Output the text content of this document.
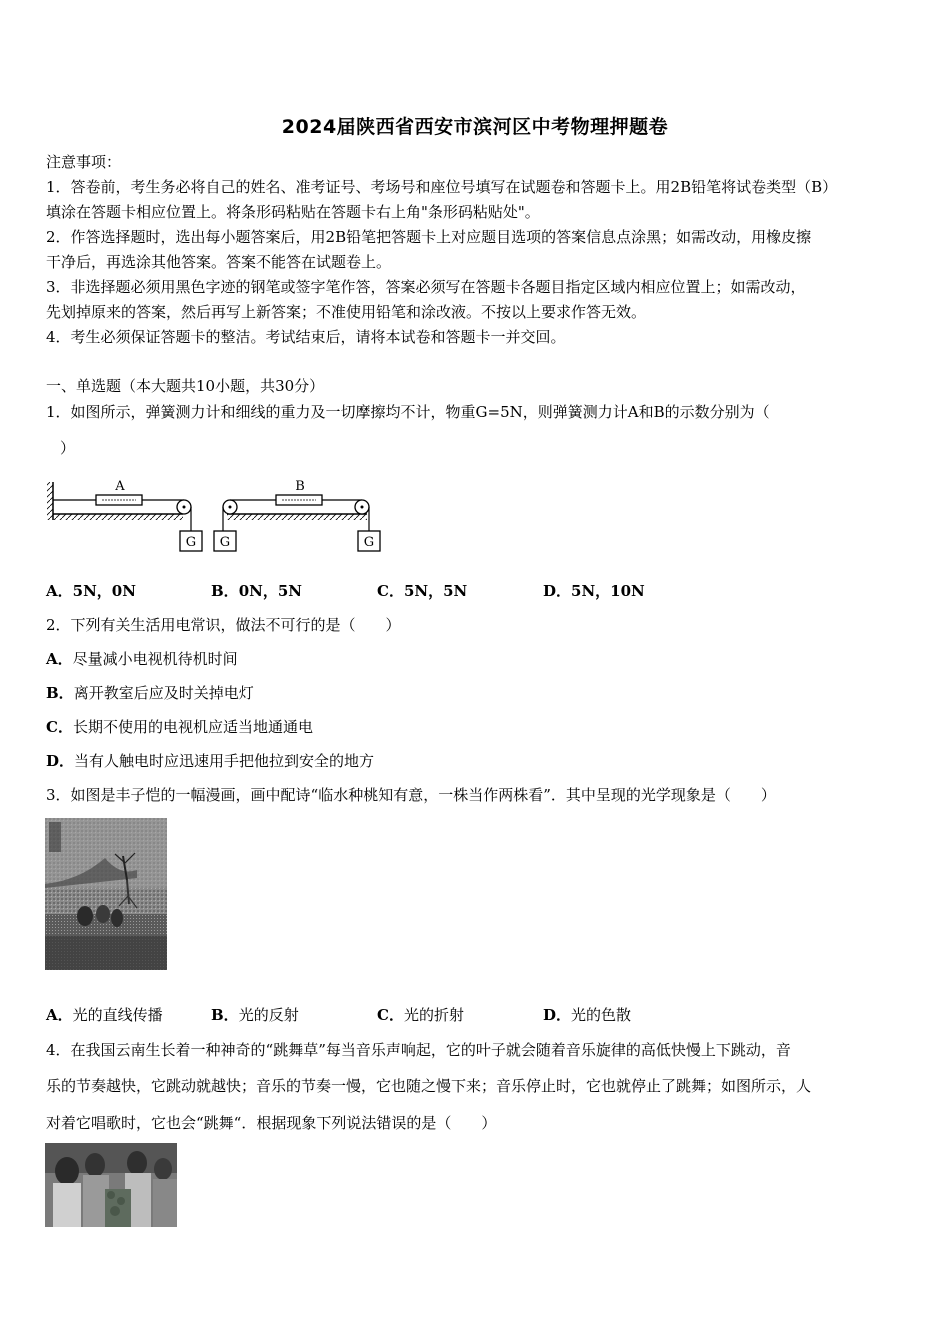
2024届陕西省西安市滨河区中考物理押题卷
注意事项：
1．答卷前，考生务必将自己的姓名、准考证号、考场号和座位号填写在试题卷和答题卡上。用2B铅笔将试卷类型（B）
填涂在答题卡相应位置上。将条形码粘贴在答题卡右上角"条形码粘贴处"。
2．作答选择题时，选出每小题答案后，用2B铅笔把答题卡上对应题目选项的答案信息点涂黑；如需改动，用橡皮擦
干净后，再选涂其他答案。答案不能答在试题卷上。
3．非选择题必须用黑色字迹的钢笔或签字笔作答，答案必须写在答题卡各题目指定区域内相应位置上；如需改动，
先划掉原来的答案，然后再写上新答案；不准使用铅笔和涂改液。不按以上要求作答无效。
4．考生必须保证答题卡的整洁。考试结束后，请将本试卷和答题卡一并交回。
一、单选题（本大题共10小题，共30分）
1．如图所示，弹簧测力计和细线的重力及一切摩擦均不计，物重G=5N，则弹簧测力计A和B的示数分别为（
）
A
G
B
G	G
A．5N，0N	B．0N，5N	C．5N，5N	D．5N，10N
2．下列有关生活用电常识，做法不可行的是（　　）
A．尽量减小电视机待机时间
B．离开教室后应及时关掉电灯
C．长期不使用的电视机应适当地通通电
D．当有人触电时应迅速用手把他拉到安全的地方
3．如图是丰子恺的一幅漫画，画中配诗“临水种桃知有意，一株当作两株看”．其中呈现的光学现象是（　　）
A．光的直线传播	B．光的反射	C．光的折射	D．光的色散
4．在我国云南生长着一种神奇的“跳舞草”每当音乐声响起，它的叶子就会随着音乐旋律的高低快慢上下跳动，音
乐的节奏越快，它跳动就越快；音乐的节奏一慢，它也随之慢下来；音乐停止时，它也就停止了跳舞；如图所示，人
对着它唱歌时，它也会“跳舞“．根据现象下列说法错误的是（　　）
